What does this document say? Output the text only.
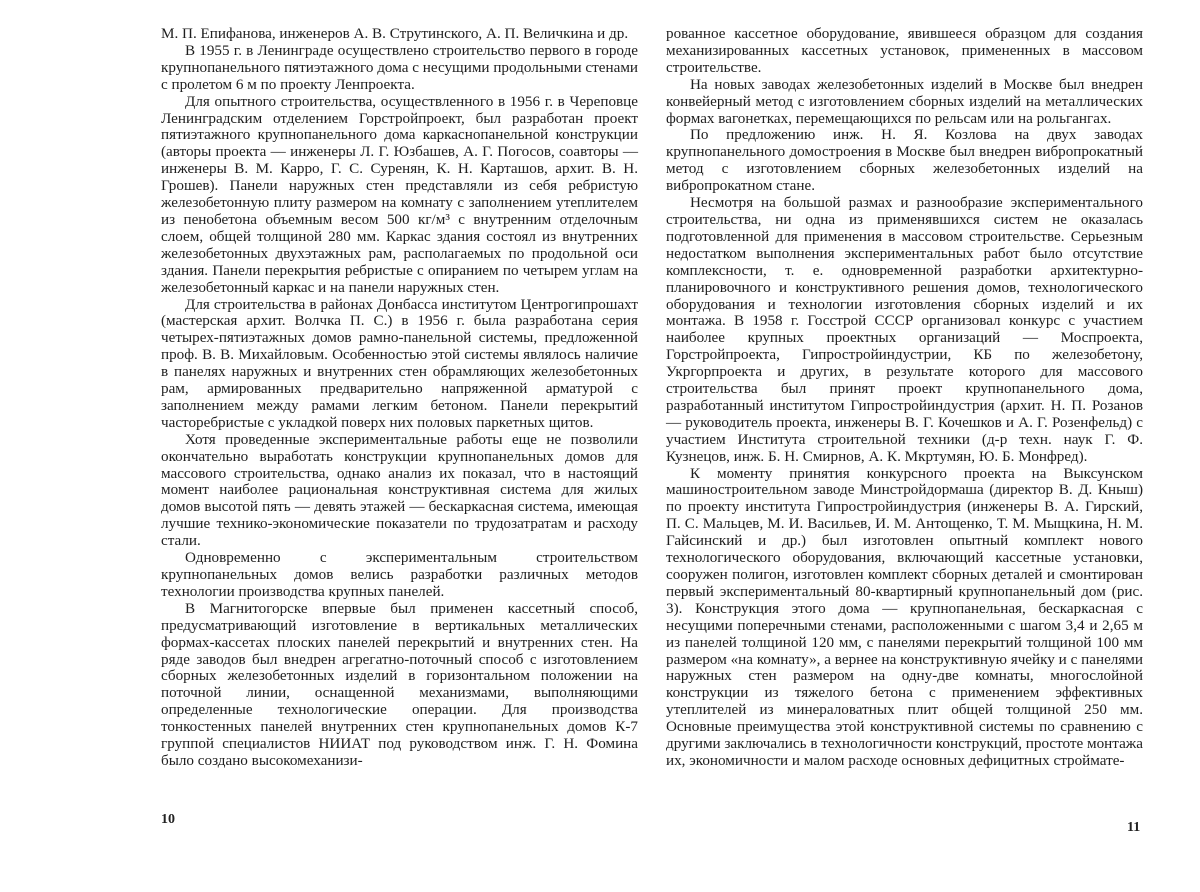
М. П. Епифанова, инженеров А. В. Струтинского, А. П. Величкина и др.

В 1955 г. в Ленинграде осуществлено строительство первого в городе крупнопанельного пятиэтажного дома с несущими продольными стенами с пролетом 6 м по проекту Ленпроекта.

Для опытного строительства, осуществленного в 1956 г. в Череповце Ленинградским отделением Горстройпроект, был разработан проект пятиэтажного крупнопанельного дома каркаснопанельной конструкции (авторы проекта — инженеры Л. Г. Юзбашев, А. Г. Погосов, соавторы — инженеры В. М. Карро, Г. С. Суренян, К. Н. Карташов, архит. В. Н. Грошев). Панели наружных стен представляли из себя ребристую железобетонную плиту размером на комнату с заполнением утеплителем из пенобетона объемным весом 500 кг/м³ с внутренним отделочным слоем, общей толщиной 280 мм. Каркас здания состоял из внутренних железобетонных двухэтажных рам, располагаемых по продольной оси здания. Панели перекрытия ребристые с опиранием по четырем углам на железобетонный каркас и на панели наружных стен.

Для строительства в районах Донбасса институтом Центрогипрошахт (мастерская архит. Волчка П. С.) в 1956 г. была разработана серия четырех-пятиэтажных домов рамно-панельной системы, предложенной проф. В. В. Михайловым. Особенностью этой системы являлось наличие в панелях наружных и внутренних стен обрамляющих железобетонных рам, армированных предварительно напряженной арматурой с заполнением между рамами легким бетоном. Панели перекрытий часторебристые с укладкой поверх них половых паркетных щитов.

Хотя проведенные экспериментальные работы еще не позволили окончательно выработать конструкции крупнопанельных домов для массового строительства, однако анализ их показал, что в настоящий момент наиболее рациональная конструктивная система для жилых домов высотой пять — девять этажей — бескаркасная система, имеющая лучшие технико-экономические показатели по трудозатратам и расходу стали.

Одновременно с экспериментальным строительством крупнопанельных домов велись разработки различных методов технологии производства крупных панелей.

В Магнитогорске впервые был применен кассетный способ, предусматривающий изготовление в вертикальных металлических формах-кассетах плоских панелей перекрытий и внутренних стен. На ряде заводов был внедрен агрегатно-поточный способ с изготовлением сборных железобетонных изделий в горизонтальном положении на поточной линии, оснащенной механизмами, выполняющими определенные технологические операции. Для производства тонкостенных панелей внутренних стен крупнопанельных домов К-7 группой специалистов НИИАТ под руководством инж. Г. Н. Фомина было создано высокомеханизи-

10

рованное кассетное оборудование, явившееся образцом для создания механизированных кассетных установок, примененных в массовом строительстве.

На новых заводах железобетонных изделий в Москве был внедрен конвейерный метод с изготовлением сборных изделий на металлических формах вагонетках, перемещающихся по рельсам или на рольгангах.

По предложению инж. Н. Я. Козлова на двух заводах крупнопанельного домостроения в Москве был внедрен вибропрокатный метод с изготовлением сборных железобетонных изделий на вибропрокатном стане.

Несмотря на большой размах и разнообразие экспериментального строительства, ни одна из применявшихся систем не оказалась подготовленной для применения в массовом строительстве. Серьезным недостатком выполнения экспериментальных работ было отсутствие комплексности, т. е. одновременной разработки архитектурно-планировочного и конструктивного решения домов, технологического оборудования и технологии изготовления сборных изделий и их монтажа. В 1958 г. Госстрой СССР организовал конкурс с участием наиболее крупных проектных организаций — Моспроекта, Горстройпроекта, Гипростройиндустрии, КБ по железобетону, Укргорпроекта и других, в результате которого для массового строительства был принят проект крупнопанельного дома, разработанный институтом Гипростройиндустрия (архит. Н. П. Розанов — руководитель проекта, инженеры В. Г. Кочешков и А. Г. Розенфельд) с участием Института строительной техники (д-р техн. наук Г. Ф. Кузнецов, инж. Б. Н. Смирнов, А. К. Мкртумян, Ю. Б. Монфред).

К моменту принятия конкурсного проекта на Выксунском машиностроительном заводе Минстройдормаша (директор В. Д. Кныш) по проекту института Гипростройиндустрия (инженеры В. А. Гирский, П. С. Мальцев, М. И. Васильев, И. М. Антощенко, Т. М. Мыщкина, Н. М. Гайсинский и др.) был изготовлен опытный комплект нового технологического оборудования, включающий кассетные установки, сооружен полигон, изготовлен комплект сборных деталей и смонтирован первый экспериментальный 80-квартирный крупнопанельный дом (рис. 3). Конструкция этого дома — крупнопанельная, бескаркасная с несущими поперечными стенами, расположенными с шагом 3,4 и 2,65 м из панелей толщиной 120 мм, с панелями перекрытий толщиной 100 мм размером «на комнату», а вернее на конструктивную ячейку и с панелями наружных стен размером на одну-две комнаты, многослойной конструкции из тяжелого бетона с применением эффективных утеплителей из минераловатных плит общей толщиной 250 мм. Основные преимущества этой конструктивной системы по сравнению с другими заключались в технологичности конструкций, простоте монтажа их, экономичности и малом расходе основных дефицитных стройматe-

11
